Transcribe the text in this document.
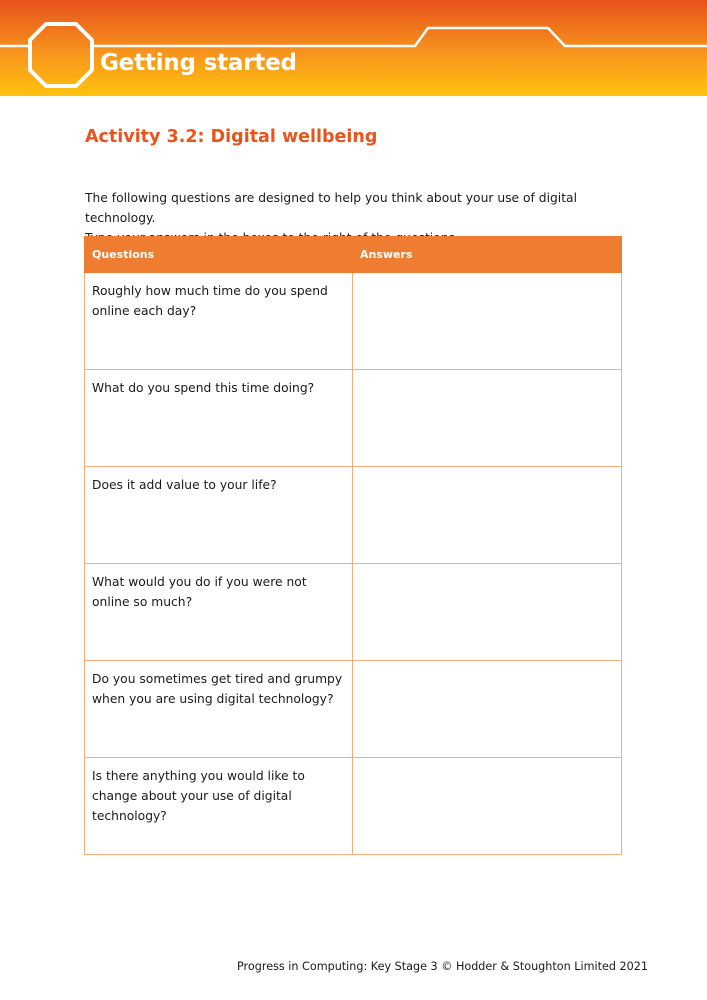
Getting started
Activity 3.2: Digital wellbeing

The following questions are designed to help you think about your use of digital technology.

Questions	Answers
Roughly how much time do you spend online each day?	

What do you spend this time doing?	

Does it add value to your life?	

What would you do if you were not online so much?	

Do you sometimes get tired and grumpy when you are using digital technology?	

Is there anything you would like to change about your use of digital technology?	
Progress in Computing: Key Stage 3 © Hodder & Stoughton Limited 2021
